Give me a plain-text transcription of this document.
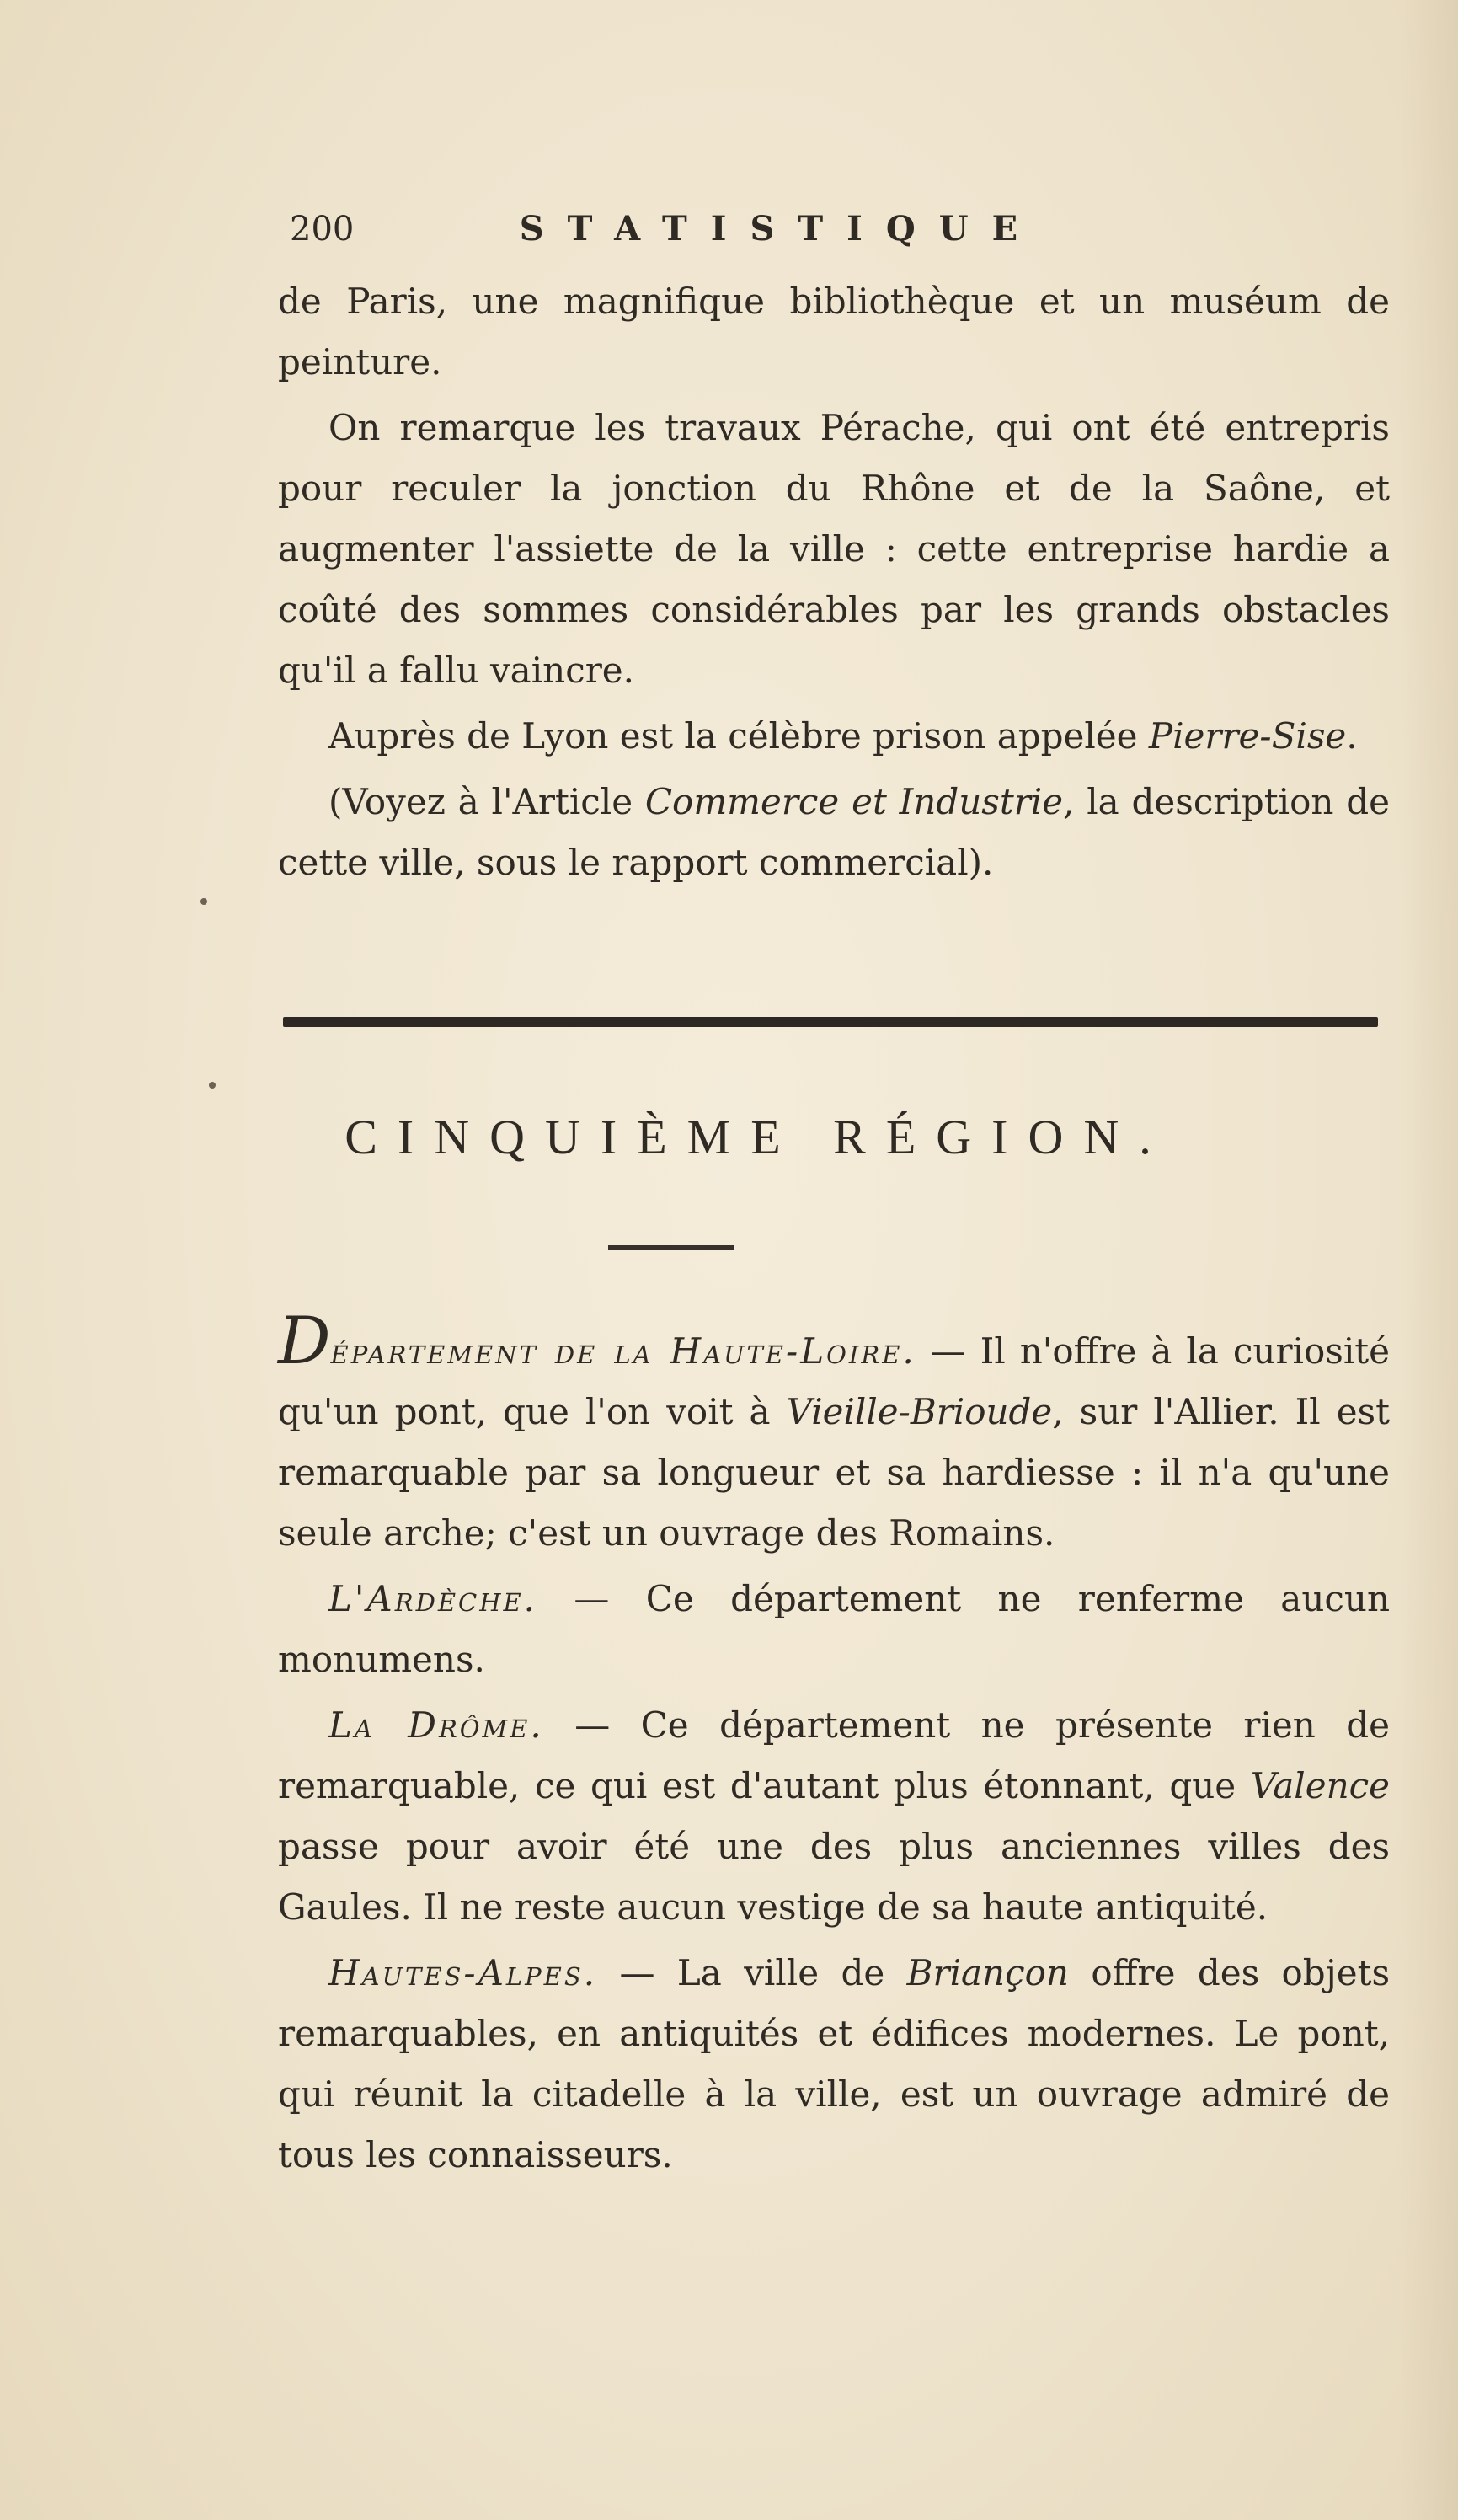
200	STATISTIQUE

de Paris, une magnifique bibliothèque et un muséum de peinture.

On remarque les travaux Pérache, qui ont été entrepris pour reculer la jonction du Rhône et de la Saône, et augmenter l'assiette de la ville : cette entreprise hardie a coûté des sommes considérables par les grands obstacles qu'il a fallu vaincre.

Auprès de Lyon est la célèbre prison appelée Pierre-Sise.

(Voyez à l'Article Commerce et Industrie, la description de cette ville, sous le rapport commercial).

CINQUIÈME RÉGION.

Département de la Haute-Loire. — Il n'offre à la curiosité qu'un pont, que l'on voit à Vieille-Brioude, sur l'Allier. Il est remarquable par sa longueur et sa hardiesse : il n'a qu'une seule arche; c'est un ouvrage des Romains.

L'Ardèche. — Ce département ne renferme aucun monumens.

La Drôme. — Ce département ne présente rien de remarquable, ce qui est d'autant plus étonnant, que Valence passe pour avoir été une des plus anciennes villes des Gaules. Il ne reste aucun vestige de sa haute antiquité.

Hautes-Alpes. — La ville de Briançon offre des objets remarquables, en antiquités et édifices modernes. Le pont, qui réunit la citadelle à la ville, est un ouvrage admiré de tous les connaisseurs.
